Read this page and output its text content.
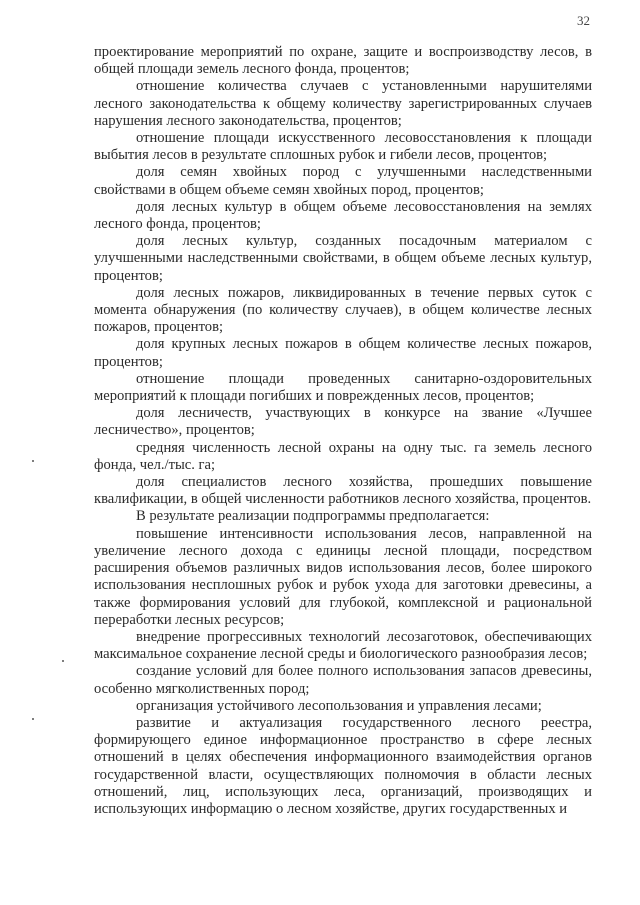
32

проектирование мероприятий по охране, защите и воспроизводству лесов, в общей площади земель лесного фонда, процентов;

отношение количества случаев с установленными нарушителями лесного законодательства к общему количеству зарегистрированных случаев нарушения лесного законодательства, процентов;

отношение площади искусственного лесовосстановления к площади выбытия лесов в результате сплошных рубок и гибели лесов, процентов;

доля семян хвойных пород с улучшенными наследственными свойствами в общем объеме семян хвойных пород, процентов;

доля лесных культур в общем объеме лесовосстановления на землях лесного фонда, процентов;

доля лесных культур, созданных посадочным материалом с улучшенными наследственными свойствами, в общем объеме лесных культур, процентов;

доля лесных пожаров, ликвидированных в течение первых суток с момента обнаружения (по количеству случаев), в общем количестве лесных пожаров, процентов;

доля крупных лесных пожаров в общем количестве лесных пожаров, процентов;

отношение площади проведенных санитарно-оздоровительных мероприятий к площади погибших и поврежденных лесов, процентов;

доля лесничеств, участвующих в конкурсе на звание «Лучшее лесничество», процентов;

средняя численность лесной охраны на одну тыс. га земель лесного фонда, чел./тыс. га;

доля специалистов лесного хозяйства, прошедших повышение квалификации, в общей численности работников лесного хозяйства, процентов.

В результате реализации подпрограммы предполагается:

повышение интенсивности использования лесов, направленной на увеличение лесного дохода с единицы лесной площади, посредством расширения объемов различных видов использования лесов, более широкого использования несплошных рубок и рубок ухода для заготовки древесины, а также формирования условий для глубокой, комплексной и рациональной переработки лесных ресурсов;

внедрение прогрессивных технологий лесозаготовок, обеспечивающих максимальное сохранение лесной среды и биологического разнообразия лесов;

создание условий для более полного использования запасов древесины, особенно мягколиственных пород;

организация устойчивого лесопользования и управления лесами;

развитие и актуализация государственного лесного реестра, формирующего единое информационное пространство в сфере лесных отношений в целях обеспечения информационного взаимодействия органов государственной власти, осуществляющих полномочия в области лесных отношений, лиц, использующих леса, организаций, производящих и использующих информацию о лесном хозяйстве, других государственных и
